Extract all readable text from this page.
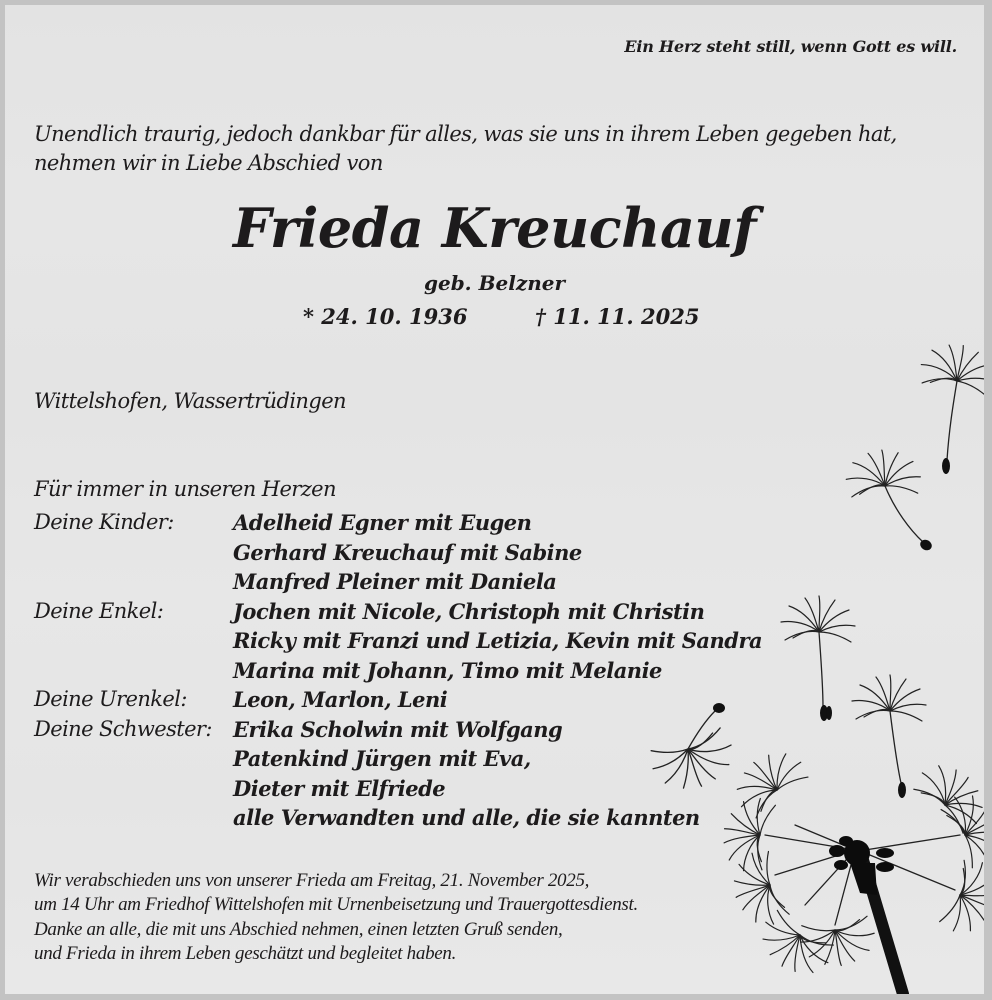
Ein Herz steht still, wenn Gott es will.
Unendlich traurig, jedoch dankbar für alles, was sie uns in ihrem Leben gegeben hat,
nehmen wir in Liebe Abschied von
Frieda Kreuchauf
geb. Belzner
* 24. 10. 1936	† 11. 11. 2025
Wittelshofen, Wassertrüdingen
Für immer in unseren Herzen
Deine Kinder:	Adelheid Egner mit Eugen
Gerhard Kreuchauf mit Sabine
Manfred Pleiner mit Daniela
Deine Enkel:	Jochen mit Nicole, Christoph mit Christin
Ricky mit Franzi und Letizia, Kevin mit Sandra
Marina mit Johann, Timo mit Melanie
Deine Urenkel:	Leon, Marlon, Leni
Deine Schwester:	Erika Scholwin mit Wolfgang
Patenkind Jürgen mit Eva,
Dieter mit Elfriede
alle Verwandten und alle, die sie kannten
Wir verabschieden uns von unserer Frieda am Freitag, 21. November 2025,
um 14 Uhr am Friedhof Wittelshofen mit Urnenbeisetzung und Trauergottesdienst.
Danke an alle, die mit uns Abschied nehmen, einen letzten Gruß senden,
und Frieda in ihrem Leben geschätzt und begleitet haben.
